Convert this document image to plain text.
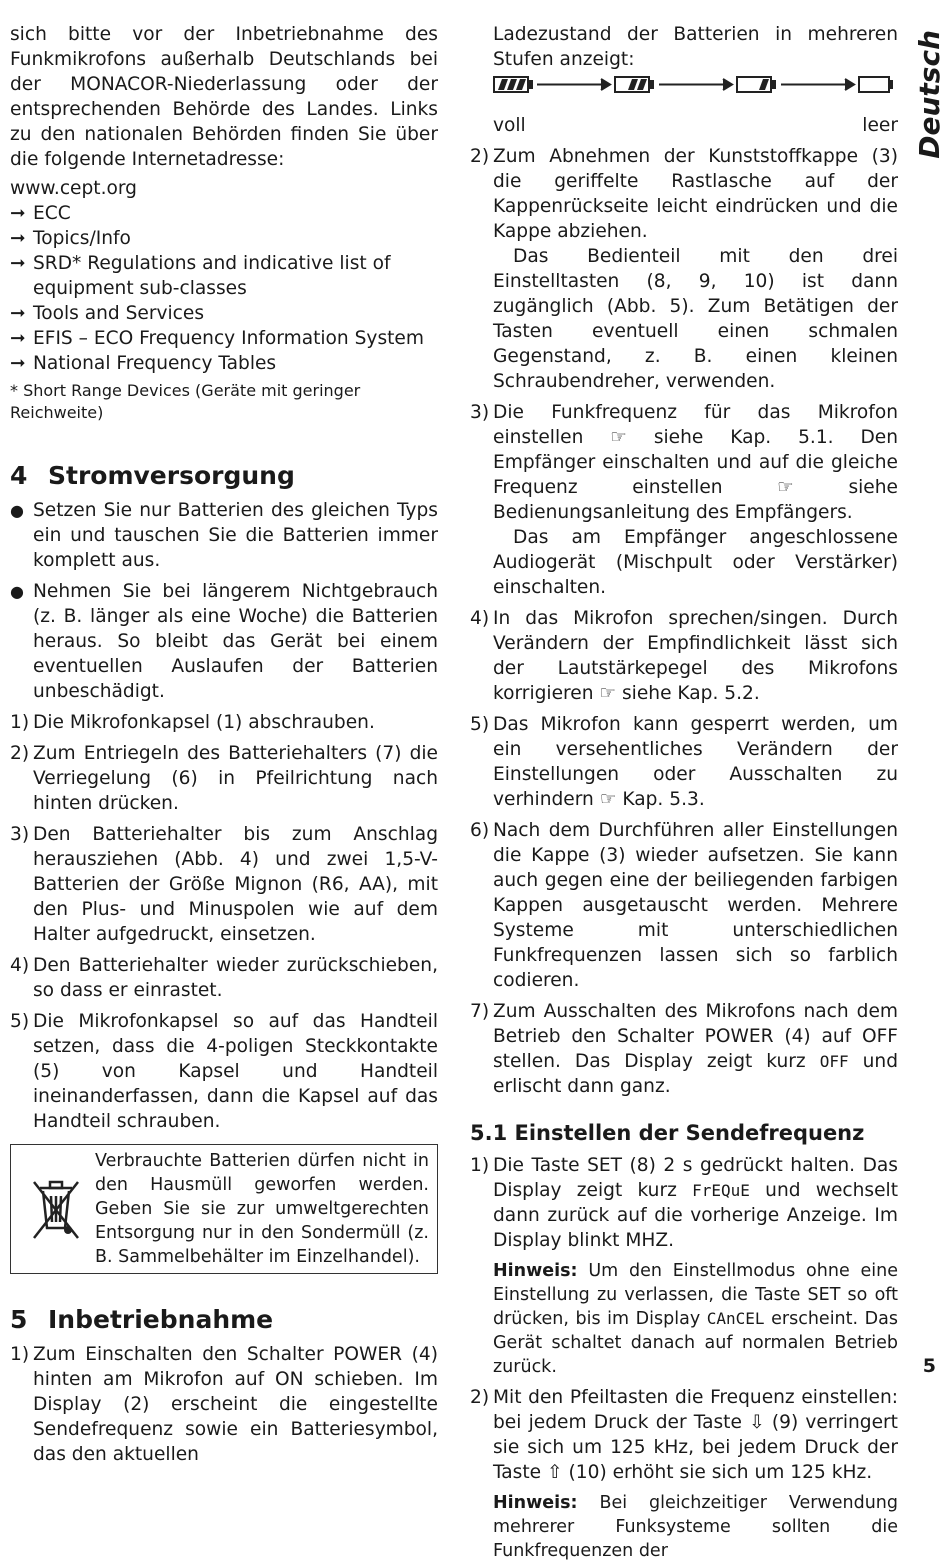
Deutsch
5

sich bitte vor der Inbetriebnahme des Funkmikrofons außerhalb Deutschlands bei der MONACOR-Niederlassung oder der entsprechenden Behörde des Landes. Links zu den nationalen Behörden finden Sie über die folgende Internetadresse:

www.cept.org

➞ ECC
➞ Topics/Info
➞ SRD* Regulations and indicative list of equipment sub-classes
➞ Tools and Services
➞ EFIS – ECO Frequency Information System
➞ National Frequency Tables

* Short Range Devices (Geräte mit geringer Reichweite)

4 Stromversorgung
● Setzen Sie nur Batterien des gleichen Typs ein und tauschen Sie die Batterien immer komplett aus.
● Nehmen Sie bei längerem Nichtgebrauch (z. B. länger als eine Woche) die Batterien heraus. So bleibt das Gerät bei einem eventuellen Auslaufen der Batterien unbeschädigt.
1) Die Mikrofonkapsel (1) abschrauben.
2) Zum Entriegeln des Batteriehalters (7) die Verriegelung (6) in Pfeilrichtung nach hinten drücken.
3) Den Batteriehalter bis zum Anschlag herausziehen (Abb. 4) und zwei 1,5-V-Batterien der Größe Mignon (R6, AA), mit den Plus- und Minuspolen wie auf dem Halter aufgedruckt, einsetzen.
4) Den Batteriehalter wieder zurückschieben, so dass er einrastet.
5) Die Mikrofonkapsel so auf das Handteil setzen, dass die 4-poligen Steckkontakte (5) von Kapsel und Handteil ineinanderfassen, dann die Kapsel auf das Handteil schrauben.
Verbrauchte Batterien dürfen nicht in den Hausmüll geworfen werden. Geben Sie sie zur umweltgerechten Entsorgung nur in den Sondermüll (z. B. Sammelbehälter im Einzelhandel).
5 Inbetriebnahme
1) Zum Einschalten den Schalter POWER (4) hinten am Mikrofon auf ON schieben. Im Display (2) erscheint die eingestellte Sendefrequenz sowie ein Batteriesymbol, das den aktuellen

Ladezustand der Batterien in mehreren Stufen anzeigt:

voll	leer
2) Zum Abnehmen der Kunststoffkappe (3) die geriffelte Rastlasche auf der Kappenrückseite leicht eindrücken und die Kappe abziehen.

Das Bedienteil mit den drei Einstelltasten (8, 9, 10) ist dann zugänglich (Abb. 5). Zum Betätigen der Tasten eventuell einen schmalen Gegenstand, z. B. einen kleinen Schraubendreher, verwenden.

3) Die Funkfrequenz für das Mikrofon einstellen ☞ siehe Kap. 5.1. Den Empfänger einschalten und auf die gleiche Frequenz einstellen	☞	siehe Bedienungsanleitung des Empfängers.

Das am Empfänger angeschlossene Audiogerät (Mischpult oder Verstärker) einschalten.

4) In das Mikrofon sprechen/singen. Durch Verändern der Empfindlichkeit lässt sich der Lautstärkepegel des Mikrofons korrigieren ☞ siehe Kap. 5.2.
5) Das Mikrofon kann gesperrt werden, um ein versehentliches Verändern der Einstellungen oder Ausschalten zu verhindern ☞ Kap. 5.3.
6) Nach dem Durchführen aller Einstellungen die Kappe (3) wieder aufsetzen. Sie kann auch gegen eine der beiliegenden farbigen Kappen ausgetauscht werden. Mehrere Systeme mit unterschiedlichen Funkfrequenzen lassen sich so farblich codieren.
7) Zum Ausschalten des Mikrofons nach dem Betrieb den Schalter POWER (4) auf OFF stellen. Das Display zeigt kurz OFF und erlischt dann ganz.
5.1 Einstellen der Sendefrequenz
1) Die Taste SET (8) 2 s gedrückt halten. Das Display zeigt kurz FrEQuE und wechselt dann zurück auf die vorherige Anzeige. Im Display blinkt MHZ.

Hinweis: Um den Einstellmodus ohne eine Einstellung zu verlassen, die Taste SET so oft drücken, bis im Display CAnCEL erscheint. Das Gerät schaltet danach auf normalen Betrieb zurück.

2) Mit den Pfeiltasten die Frequenz einstellen: bei jedem Druck der Taste ⇩ (9) verringert sie sich um 125 kHz, bei jedem Druck der Taste ⇧ (10) erhöht sie sich um 125 kHz.

Hinweis: Bei gleichzeitiger Verwendung mehrerer Funksysteme sollten die Funkfrequenzen der
